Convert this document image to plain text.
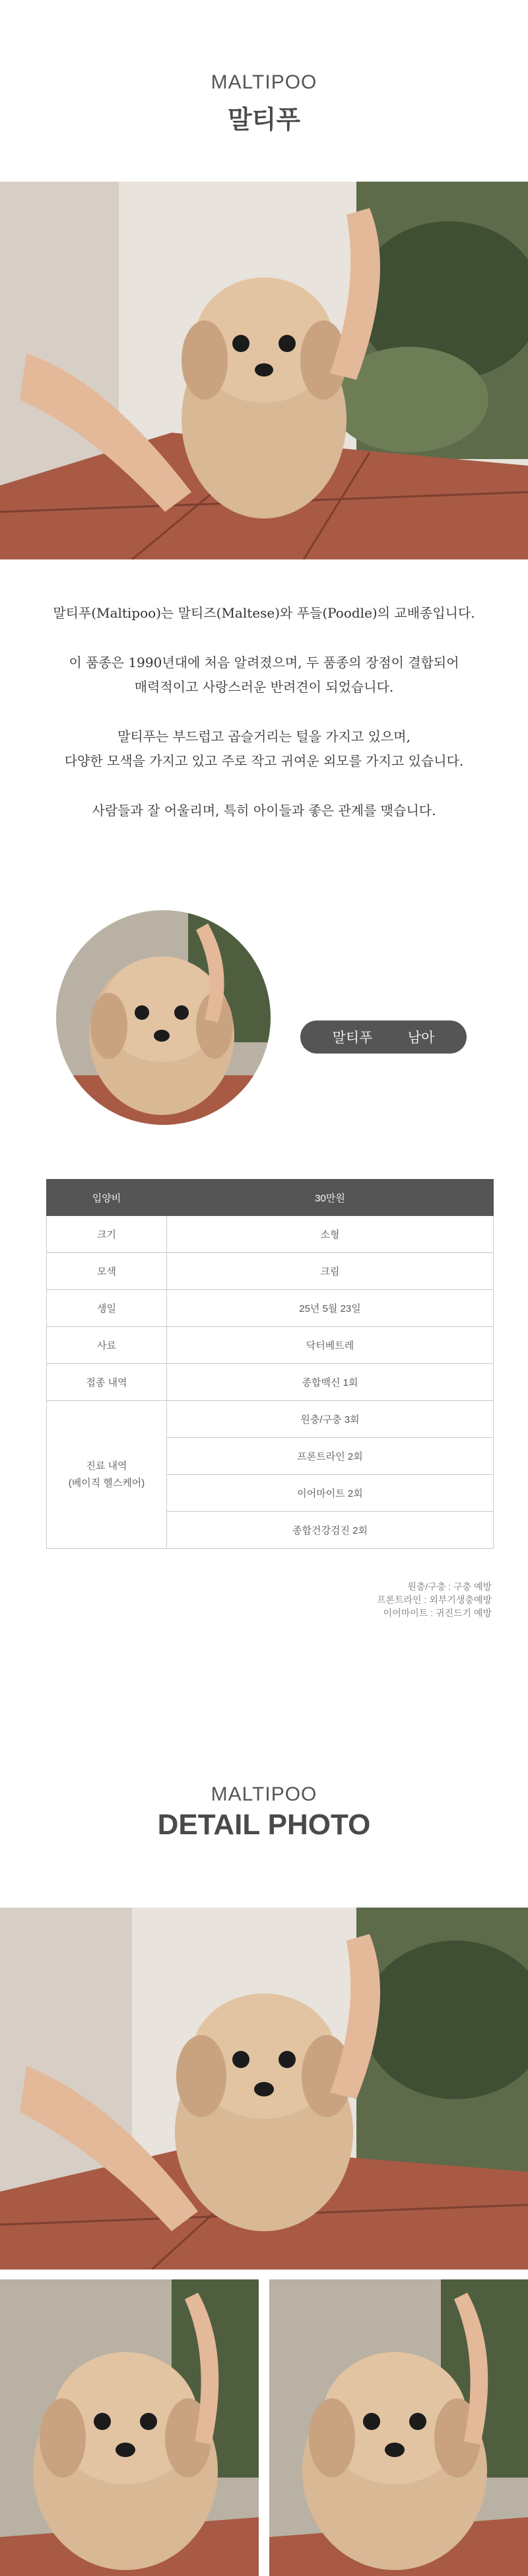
MALTIPOO
말티푸

말티푸(Maltipoo)는 말티즈(Maltese)와 푸들(Poodle)의 교배종입니다.

이 품종은 1990년대에 처음 알려졌으며, 두 품종의 장점이 결합되어
매력적이고 사랑스러운 반려견이 되었습니다.

말티푸는 부드럽고 곱슬거리는 털을 가지고 있으며,
다양한 모색을 가지고 있고 주로 작고 귀여운 외모를 가지고 있습니다.

사람들과 잘 어울리며, 특히 아이들과 좋은 관계를 맺습니다.

말티푸	남아
입양비	30만원
크기	소형
모색	크림
생일	25년 5월 23일
사료	닥터베트레
접종 내역	종합백신 1회
진료 내역
(베이직 헬스케어)	원충/구충 3회
	프론트라인 2회
	이어마이트 2회
	종합건강검진 2회
원충/구충 : 구충 예방
프론트라인 : 외부기생충예방
이어마이트 : 귀진드기 예방
MALTIPOO
DETAIL PHOTO
